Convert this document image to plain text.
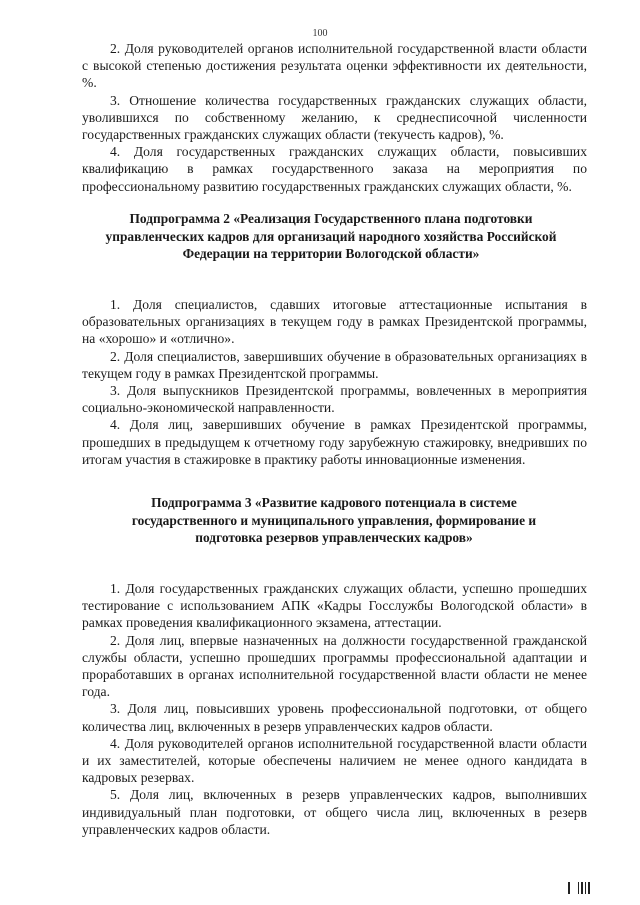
100

2. Доля руководителей органов исполнительной государственной власти области с высокой степенью достижения результата оценки эффективности их деятельности, %.

3. Отношение количества государственных гражданских служащих области, уволившихся по собственному желанию, к среднесписочной численности государственных гражданских служащих области (текучесть кадров), %.

4. Доля государственных гражданских служащих области, повысивших квалификацию в рамках государственного заказа на мероприятия по профессиональному развитию государственных гражданских служащих области, %.

Подпрограмма 2 «Реализация Государственного плана подготовки управленческих кадров для организаций народного хозяйства Российской Федерации на территории Вологодской области»

1. Доля специалистов, сдавших итоговые аттестационные испытания в образовательных организациях в текущем году в рамках Президентской программы, на «хорошо» и «отлично».

2. Доля специалистов, завершивших обучение в образовательных организациях в текущем году в рамках Президентской программы.

3. Доля выпускников Президентской программы, вовлеченных в мероприятия социально-экономической направленности.

4. Доля лиц, завершивших обучение в рамках Президентской программы, прошедших в предыдущем к отчетному году зарубежную стажировку, внедривших по итогам участия в стажировке в практику работы инновационные изменения.

Подпрограмма 3 «Развитие кадрового потенциала в системе государственного и муниципального управления, формирование и подготовка резервов управленческих кадров»

1. Доля государственных гражданских служащих области, успешно прошедших тестирование с использованием АПК «Кадры Госслужбы Вологодской области» в рамках проведения квалификационного экзамена, аттестации.

2. Доля лиц, впервые назначенных на должности государственной гражданской службы области, успешно прошедших программы профессиональной адаптации и проработавших в органах исполнительной государственной власти области не менее года.

3. Доля лиц, повысивших уровень профессиональной подготовки, от общего количества лиц, включенных в резерв управленческих кадров области.

4. Доля руководителей органов исполнительной государственной власти области и их заместителей, которые обеспечены наличием не менее одного кандидата в кадровых резервах.

5. Доля лиц, включенных в резерв управленческих кадров, выполнивших индивидуальный план подготовки, от общего числа лиц, включенных в резерв управленческих кадров области.
